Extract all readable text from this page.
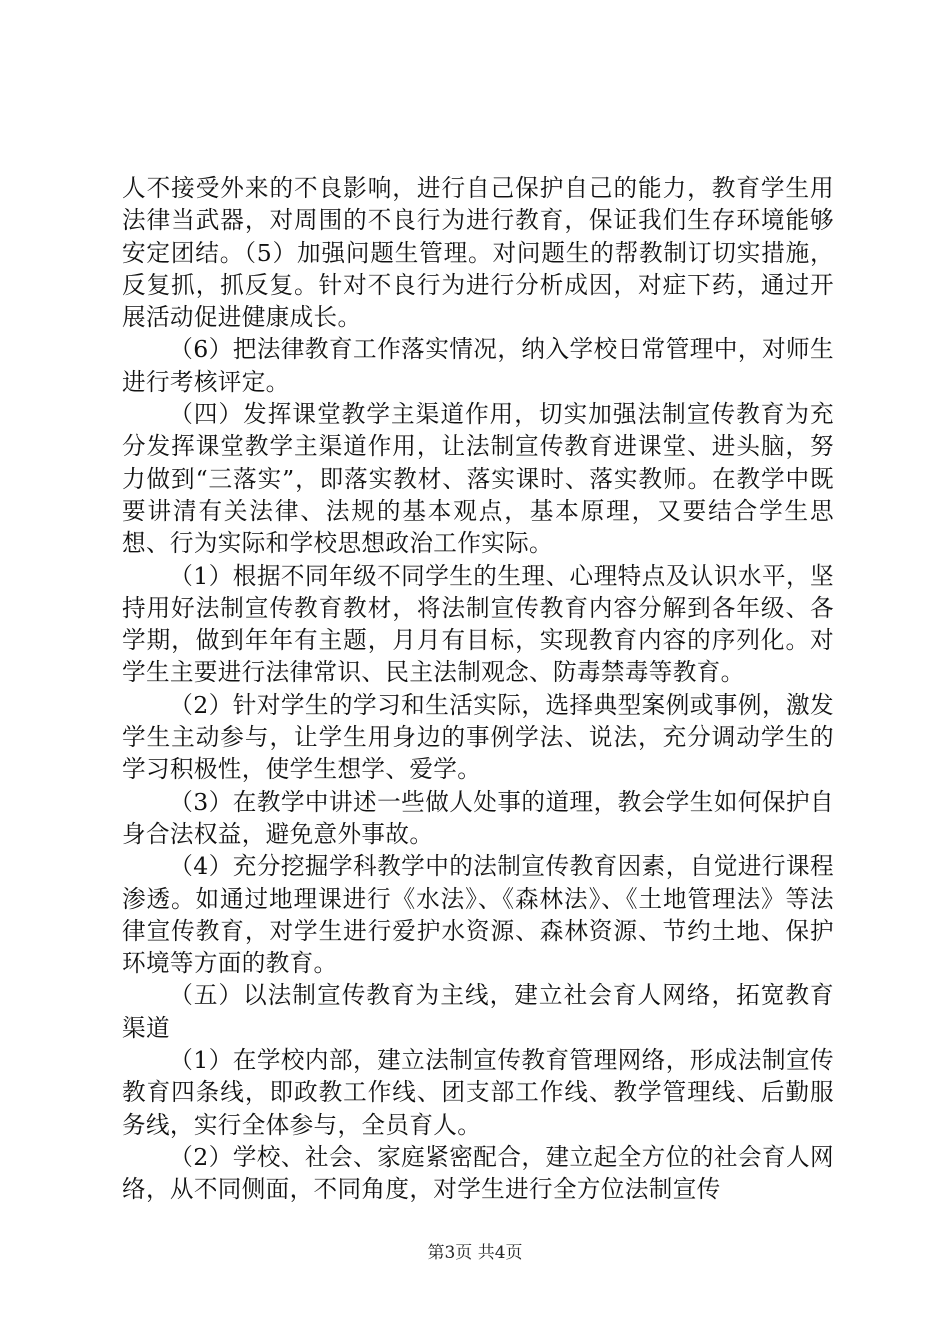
人不接受外来的不良影响，进行自己保护自己的能力，教育学生用法律当武器，对周围的不良行为进行教育，保证我们生存环境能够安定团结。（5）加强问题生管理。对问题生的帮教制订切实措施，反复抓，抓反复。针对不良行为进行分析成因，对症下药，通过开展活动促进健康成长。

（6）把法律教育工作落实情况，纳入学校日常管理中，对师生进行考核评定。

（四）发挥课堂教学主渠道作用，切实加强法制宣传教育为充分发挥课堂教学主渠道作用，让法制宣传教育进课堂、进头脑，努力做到“三落实”，即落实教材、落实课时、落实教师。在教学中既要讲清有关法律、法规的基本观点，基本原理，又要结合学生思想、行为实际和学校思想政治工作实际。

（1）根据不同年级不同学生的生理、心理特点及认识水平，坚持用好法制宣传教育教材，将法制宣传教育内容分解到各年级、各学期，做到年年有主题，月月有目标，实现教育内容的序列化。对学生主要进行法律常识、民主法制观念、防毒禁毒等教育。

（2）针对学生的学习和生活实际，选择典型案例或事例，激发学生主动参与，让学生用身边的事例学法、说法，充分调动学生的学习积极性，使学生想学、爱学。

（3）在教学中讲述一些做人处事的道理，教会学生如何保护自身合法权益，避免意外事故。

（4）充分挖掘学科教学中的法制宣传教育因素，自觉进行课程渗透。如通过地理课进行《水法》、《森林法》、《土地管理法》等法律宣传教育，对学生进行爱护水资源、森林资源、节约土地、保护环境等方面的教育。

（五）以法制宣传教育为主线，建立社会育人网络，拓宽教育渠道

（1）在学校内部，建立法制宣传教育管理网络，形成法制宣传教育四条线，即政教工作线、团支部工作线、教学管理线、后勤服务线，实行全体参与，全员育人。

（2）学校、社会、家庭紧密配合，建立起全方位的社会育人网络，从不同侧面，不同角度，对学生进行全方位法制宣传

第3页 共4页
